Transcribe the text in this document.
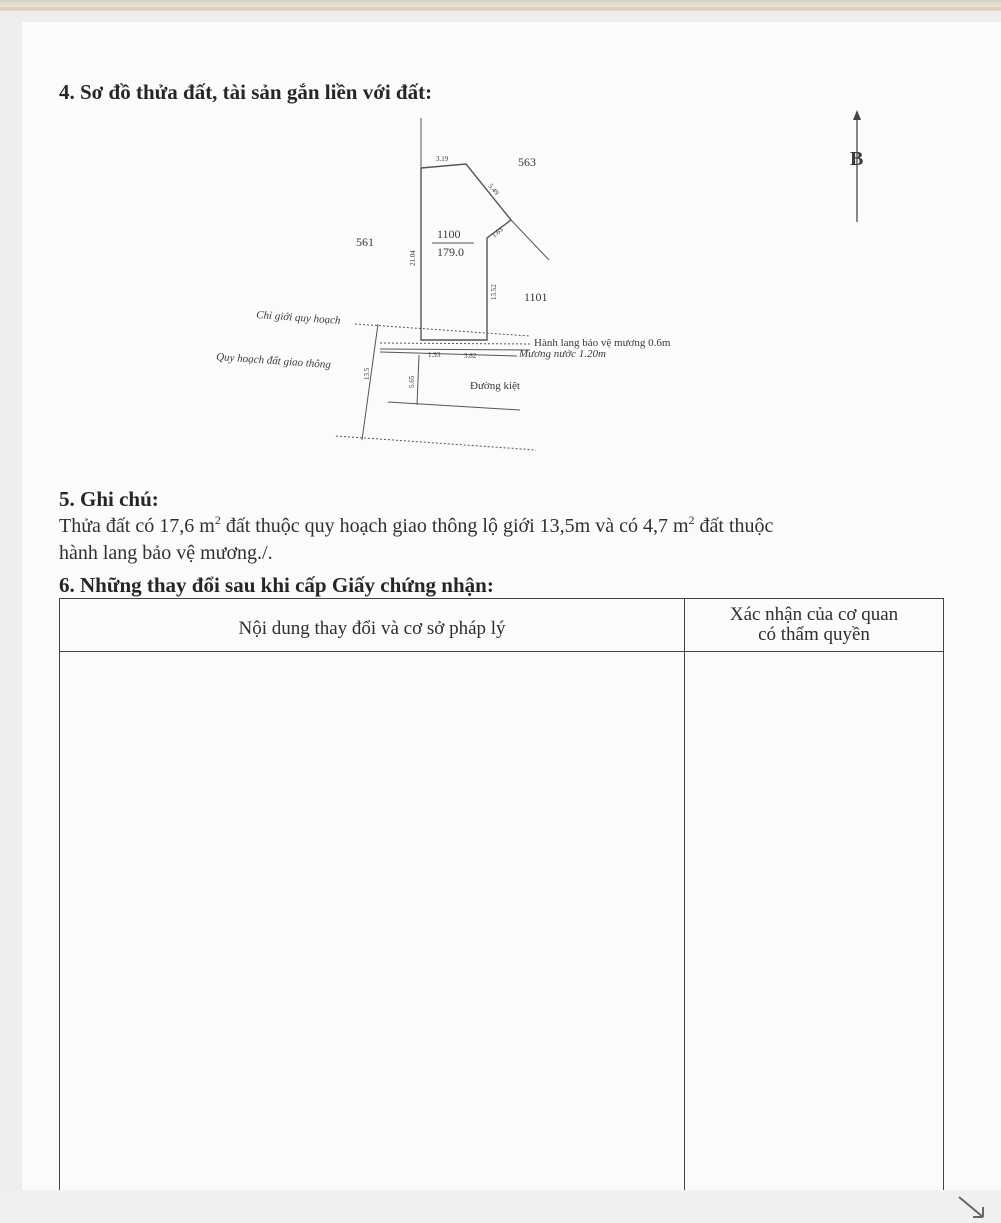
4. Sơ đồ thửa đất, tài sản gắn liền với đất:
B
1100
179.0
563
561
1101
3.19
5.49
1.63
21.04
13.52
1.93	3.82
13.5
5.65
Chỉ giới quy hoạch
Quy hoạch đất giao thông
Hành lang bảo vệ mương 0.6m
Mương nước 1.20m
Đường kiệt
5. Ghi chú:
Thửa đất có 17,6 $m^2$ đất thuộc quy hoạch giao thông lộ giới 13,5m và có 4,7 $m^2$ đất thuộc
hành lang bảo vệ mương./.
6. Những thay đổi sau khi cấp Giấy chứng nhận:
Nội dung thay đổi và cơ sở pháp lý
Xác nhận của cơ quan
có thẩm quyền
